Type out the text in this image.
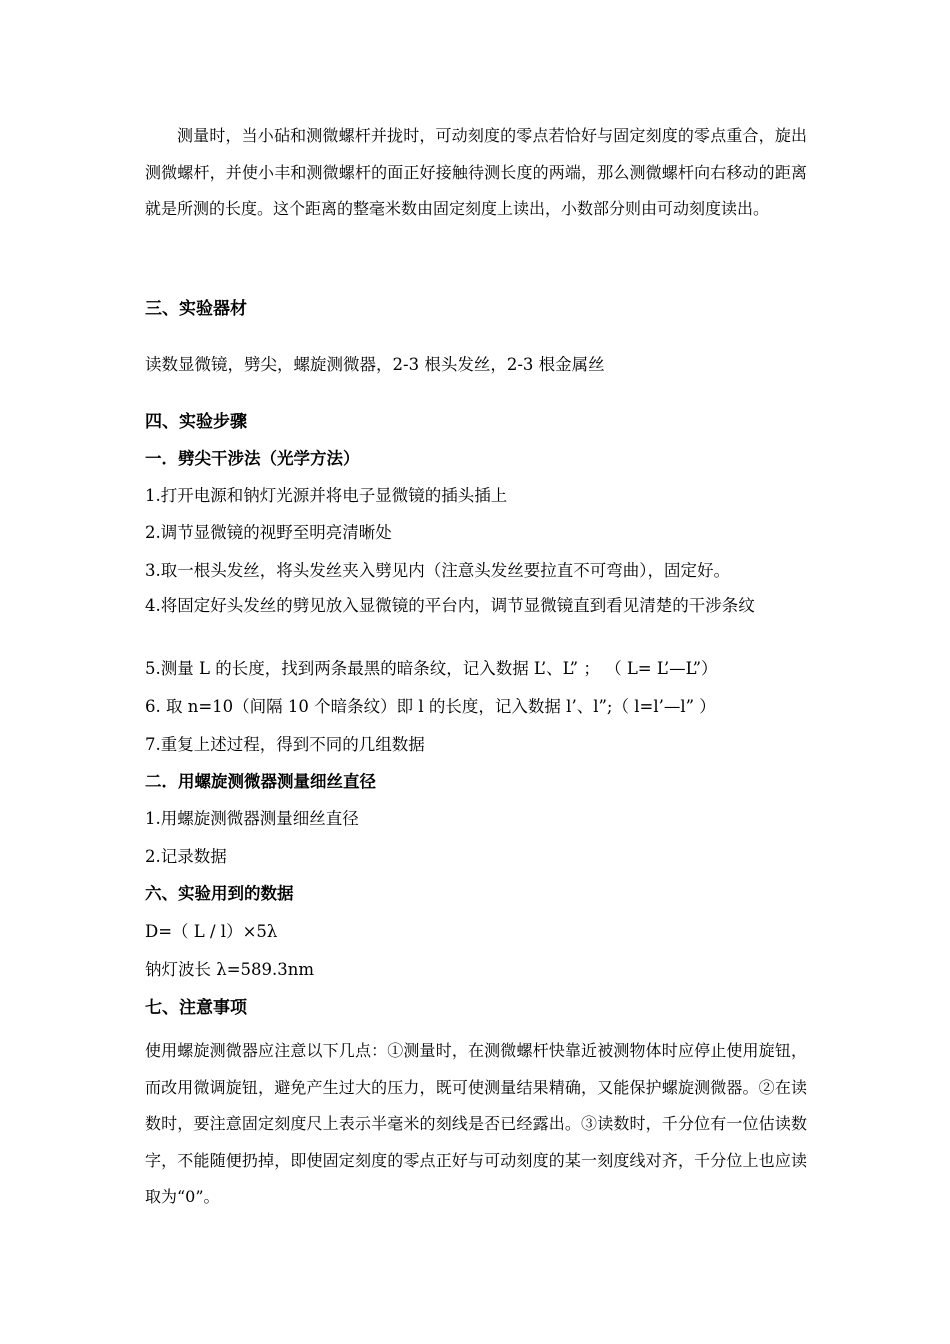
测量时，当小砧和测微螺杆并拢时，可动刻度的零点若恰好与固定刻度的零点重合，旋出测微螺杆，并使小丰和测微螺杆的面正好接触待测长度的两端，那么测微螺杆向右移动的距离就是所测的长度。这个距离的整毫米数由固定刻度上读出，小数部分则由可动刻度读出。

三、实验器材

读数显微镜，劈尖，螺旋测微器，2-3 根头发丝，2-3 根金属丝

四、实验步骤

一．劈尖干涉法（光学方法）

1.打开电源和钠灯光源并将电子显微镜的插头插上

2.调节显微镜的视野至明亮清晰处

3.取一根头发丝，将头发丝夹入劈见内（注意头发丝要拉直不可弯曲），固定好。

4.将固定好头发丝的劈见放入显微镜的平台内，调节显微镜直到看见清楚的干涉条纹

5.测量 L 的长度，找到两条最黑的暗条纹，记入数据 L’、L” ； （ L= L’—L”）

6. 取 n=10（间隔 10 个暗条纹）即 l 的长度，记入数据 l’、l”;（ l=l’—l” ）

7.重复上述过程，得到不同的几组数据

二．用螺旋测微器测量细丝直径

1.用螺旋测微器测量细丝直径

2.记录数据

六、实验用到的数据

D=（ L / l）×5λ

钠灯波长 λ=589.3nm

七、注意事项

使用螺旋测微器应注意以下几点：①测量时，在测微螺杆快靠近被测物体时应停止使用旋钮，而改用微调旋钮，避免产生过大的压力，既可使测量结果精确，又能保护螺旋测微器。②在读数时，要注意固定刻度尺上表示半毫米的刻线是否已经露出。③读数时，千分位有一位估读数字，不能随便扔掉，即使固定刻度的零点正好与可动刻度的某一刻度线对齐，千分位上也应读取为“0”。
